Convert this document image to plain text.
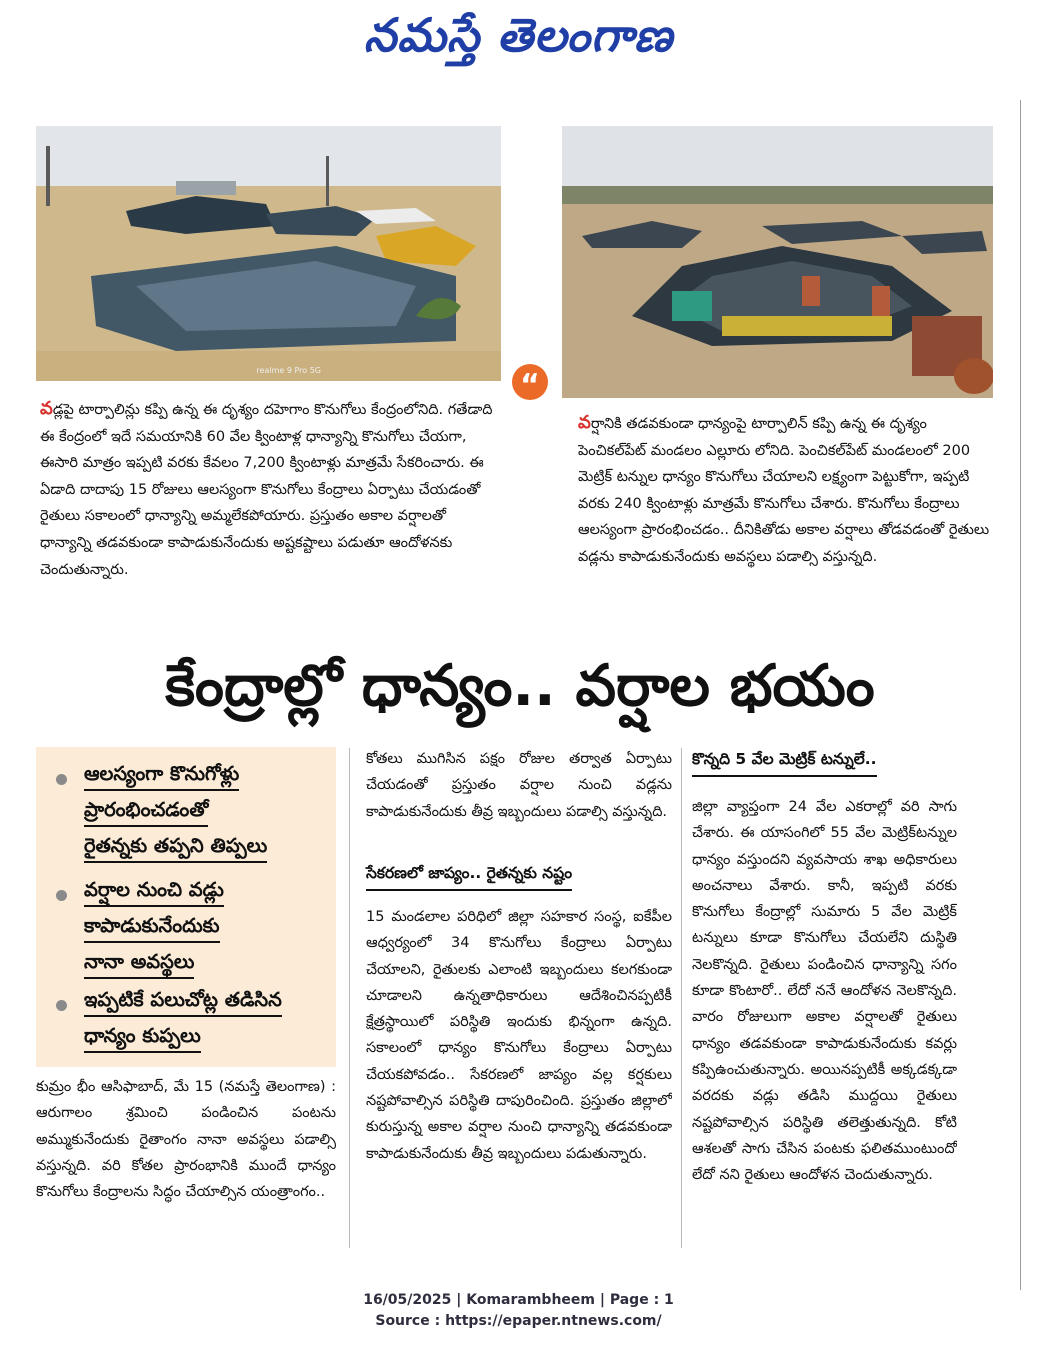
నమస్తే తెలంగాణ
realme 9 Pro 5G	“
వడ్లపై టార్పాలిన్లు కప్పి ఉన్న ఈ దృశ్యం దహెగాం కొనుగోలు కేంద్రంలోనిది. గతేడాది ఈ కేంద్రంలో ఇదే సమయానికి 60 వేల క్వింటాళ్ల ధాన్యాన్ని కొనుగోలు చేయగా, ఈసారి మాత్రం ఇప్పటి వరకు కేవలం 7,200 క్వింటాళ్లు మాత్రమే సేకరించారు. ఈ ఏడాది దాదాపు 15 రోజులు ఆలస్యంగా కొనుగోలు కేంద్రాలు ఏర్పాటు చేయడంతో రైతులు సకాలంలో ధాన్యాన్ని అమ్మలేకపోయారు. ప్రస్తుతం అకాల వర్షాలతో ధాన్యాన్ని తడవకుండా కాపాడుకునేందుకు అష్టకష్టాలు పడుతూ ఆందోళనకు చెందుతున్నారు.
వర్షానికి తడవకుండా ధాన్యంపై టార్పాలిన్ కప్పి ఉన్న ఈ దృశ్యం పెంచికల్‌పేట్ మండలం ఎల్లూరు లోనిది. పెంచికల్‌పేట్ మండలంలో 200 మెట్రిక్ టన్నుల ధాన్యం కొనుగోలు చేయాలని లక్ష్యంగా పెట్టుకోగా, ఇప్పటి వరకు 240 క్వింటాళ్లు మాత్రమే కొనుగోలు చేశారు. కొనుగోలు కేంద్రాలు ఆలస్యంగా ప్రారంభించడం.. దీనికితోడు అకాల వర్షాలు తోడవడంతో రైతులు వడ్లను కాపాడుకునేందుకు అవస్థలు పడాల్సి వస్తున్నది.
కేంద్రాల్లో ధాన్యం.. వర్షాల భయం
ఆలస్యంగా కొనుగోళ్లు
ప్రారంభించడంతో
రైతన్నకు తప్పని తిప్పలు
వర్షాల నుంచి వడ్లు
కాపాడుకునేందుకు
నానా అవస్థలు
ఇప్పటికే పలుచోట్ల తడిసిన
ధాన్యం కుప్పలు

కుమ్రం భీం ఆసిఫాబాద్, మే 15 (నమస్తే తెలంగాణ) : ఆరుగాలం శ్రమించి పండించిన పంటను అమ్ముకునేందుకు రైతాంగం నానా అవస్థలు పడాల్సి వస్తున్నది. వరి కోతల ప్రారంభానికి ముందే ధాన్యం కొనుగోలు కేంద్రాలను సిద్ధం చేయాల్సిన యంత్రాంగం..

కోతలు ముగిసిన పక్షం రోజుల తర్వాత ఏర్పాటు చేయడంతో ప్రస్తుతం వర్షాల నుంచి వడ్లను కాపాడుకునేందుకు తీవ్ర ఇబ్బందులు పడాల్సి వస్తున్నది.

సేకరణలో జాప్యం.. రైతన్నకు నష్టం

15 మండలాల పరిధిలో జిల్లా సహకార సంస్థ, ఐకేపీల ఆధ్వర్యంలో 34 కొనుగోలు కేంద్రాలు ఏర్పాటు చేయాలని, రైతులకు ఎలాంటి ఇబ్బందులు కలగకుండా చూడాలని ఉన్నతాధికారులు ఆదేశించినప్పటికీ క్షేత్రస్థాయిలో పరిస్థితి ఇందుకు భిన్నంగా ఉన్నది. సకాలంలో ధాన్యం కొనుగోలు కేంద్రాలు ఏర్పాటు చేయకపోవడం.. సేకరణలో జాప్యం వల్ల కర్షకులు నష్టపోవాల్సిన పరిస్థితి దాపురించింది. ప్రస్తుతం జిల్లాలో కురుస్తున్న అకాల వర్షాల నుంచి ధాన్యాన్ని తడవకుండా కాపాడుకునేందుకు తీవ్ర ఇబ్బందులు పడుతున్నారు.

కొన్నది 5 వేల మెట్రిక్ టన్నులే..

జిల్లా వ్యాప్తంగా 24 వేల ఎకరాల్లో వరి సాగు చేశారు. ఈ యాసంగిలో 55 వేల మెట్రిక్‌టన్నుల ధాన్యం వస్తుందని వ్యవసాయ శాఖ అధికారులు అంచనాలు వేశారు. కానీ, ఇప్పటి వరకు కొనుగోలు కేంద్రాల్లో సుమారు 5 వేల మెట్రిక్ టన్నులు కూడా కొనుగోలు చేయలేని దుస్థితి నెలకొన్నది. రైతులు పండించిన ధాన్యాన్ని సగం కూడా కొంటారో.. లేదో ననే ఆందోళన నెలకొన్నది. వారం రోజులుగా అకాల వర్షాలతో రైతులు ధాన్యం తడవకుండా కాపాడుకునేందుకు కవర్లు కప్పిఉంచుతున్నారు. అయినప్పటికీ అక్కడక్కడా వరదకు వడ్లు తడిసి ముద్దయి రైతులు నష్టపోవాల్సిన పరిస్థితి తలెత్తుతున్నది. కోటి ఆశలతో సాగు చేసిన పంటకు ఫలితముంటుందో లేదో నని రైతులు ఆందోళన చెందుతున్నారు.

16/05/2025 | Komarambheem | Page : 1
Source : https://epaper.ntnews.com/
